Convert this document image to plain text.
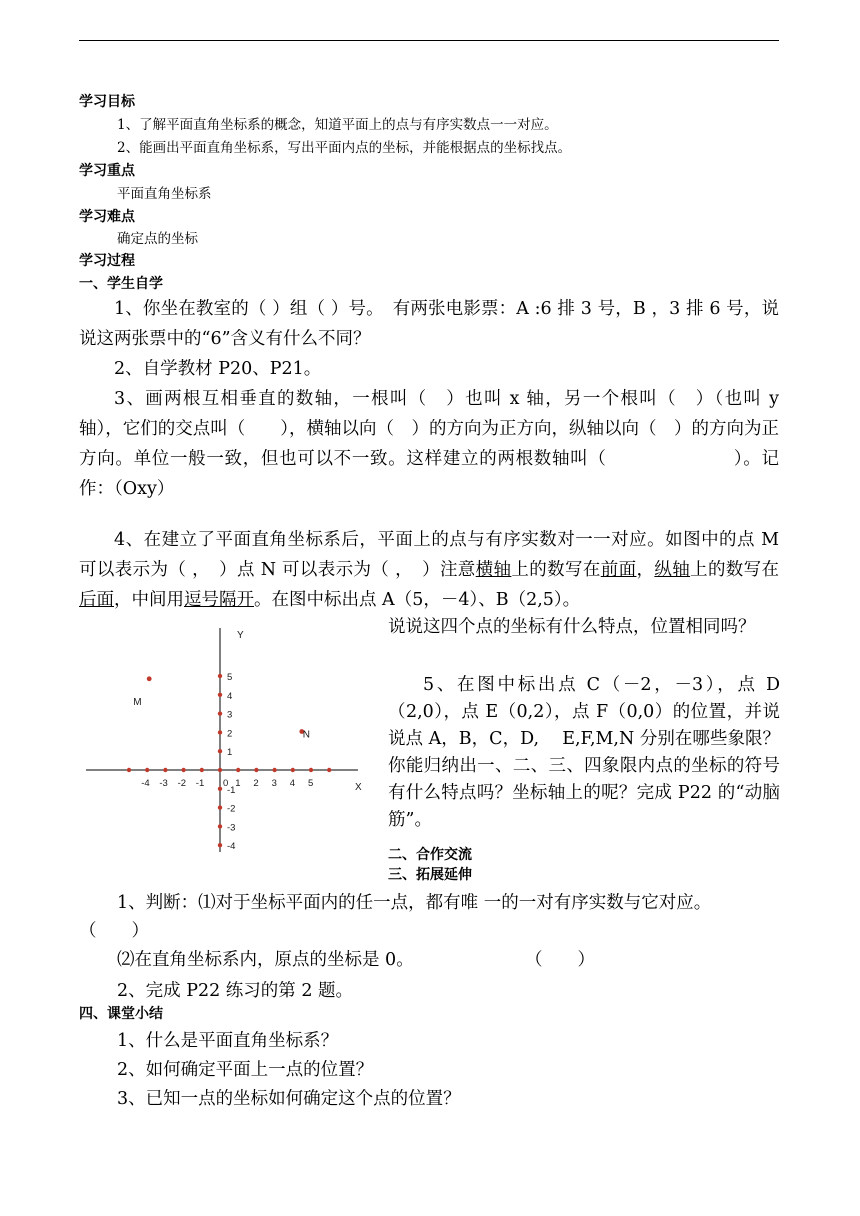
学习目标
1、了解平面直角坐标系的概念，知道平面上的点与有序实数点一一对应。
2、能画出平面直角坐标系，写出平面内点的坐标，并能根据点的坐标找点。
学习重点
平面直角坐标系
学习难点
确定点的坐标
学习过程
一、学生自学

1、你坐在教室的（ ）组（ ）号。　有两张电影票：A :6 排 3 号，B ，3 排 6 号，说说这两张票中的“6”含义有什么不同？

2、自学教材 P20、P21。

3、画两根互相垂直的数轴，一根叫（　）也叫 x 轴，另一个根叫（　）（也叫 y 轴），它们的交点叫（　　），横轴以向（　）的方向为正方向，纵轴以向（　）的方向为正方向。单位一般一致，但也可以不一致。这样建立的两根数轴叫（　　　　　　　）。记作：（Oxy）

4、在建立了平面直角坐标系后，平面上的点与有序实数对一一对应。如图中的点 M 可以表示为（ ，　）点 N 可以表示为（ ，　）注意横轴上的数写在前面，纵轴上的数写在后面，中间用逗号隔开。在图中标出点 A（5，－4）、B（2,5）。

Y
X
-4 -3 -2 -1 0 1 2 3 4 5
-4
-3
-2
-1
1
2
3
4
5
M
N

说说这四个点的坐标有什么特点，位置相同吗？

5、在图中标出点 C（－2，－3），点 D（2,0），点 E（0,2），点 F（0,0）的位置，并说说点 A，B，C，D,　 E,F,M,N 分别在哪些象限？你能归纳出一、二、三、四象限内点的坐标的符号有什么特点吗？坐标轴上的呢？完成 P22 的“动脑筋”。

二、合作交流
三、拓展延伸
1、判断：⑴对于坐标平面内的任一点，都有唯 一的一对有序实数与它对应。
（　　）
⑵在直角坐标系内，原点的坐标是 0。	（　　）
2、完成 P22 练习的第 2 题。
四、课堂小结
1、什么是平面直角坐标系？
2、如何确定平面上一点的位置？
3、已知一点的坐标如何确定这个点的位置？
